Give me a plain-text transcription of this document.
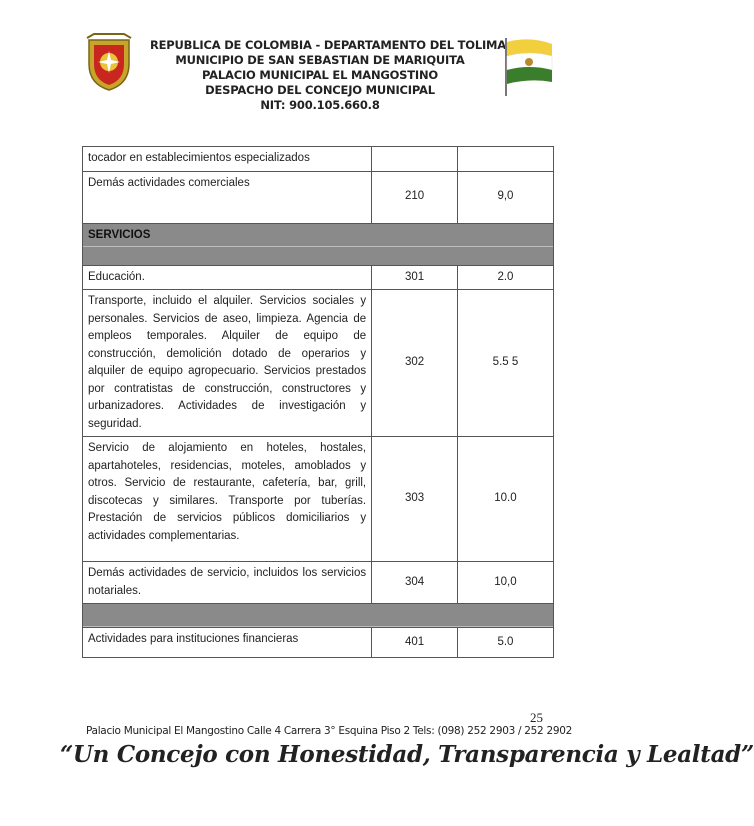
REPUBLICA DE COLOMBIA - DEPARTAMENTO DEL TOLIMA
MUNICIPIO DE SAN SEBASTIAN DE MARIQUITA
PALACIO MUNICIPAL EL MANGOSTINO
DESPACHO DEL CONCEJO MUNICIPAL
NIT: 900.105.660.8
tocador en establecimientos especializados		
Demás actividades comerciales	210	9,0

SERVICIOS		

Educación.	301	2.0
Transporte, incluido el alquiler. Servicios sociales y personales. Servicios de aseo, limpieza. Agencia de empleos temporales. Alquiler de equipo de construcción, demolición dotado de operarios y alquiler de equipo agropecuario. Servicios prestados por contratistas de construcción, constructores y urbanizadores. Actividades de investigación y seguridad.	302	5.5 5
Servicio de alojamiento en hoteles, hostales, apartahoteles, residencias, moteles, amoblados y otros. Servicio de restaurante, cafetería, bar, grill, discotecas y similares. Transporte por tuberías. Prestación de servicios públicos domiciliarios y actividades complementarias.	303	10.0
Demás actividades de servicio, incluidos los servicios notariales.	304	10,0

Actividades para instituciones financieras	401	5.0
25
Palacio Municipal El Mangostino Calle 4 Carrera 3° Esquina Piso 2 Tels: (098) 252 2903 / 252 2902
“Un Concejo con Honestidad, Transparencia y Lealtad”
